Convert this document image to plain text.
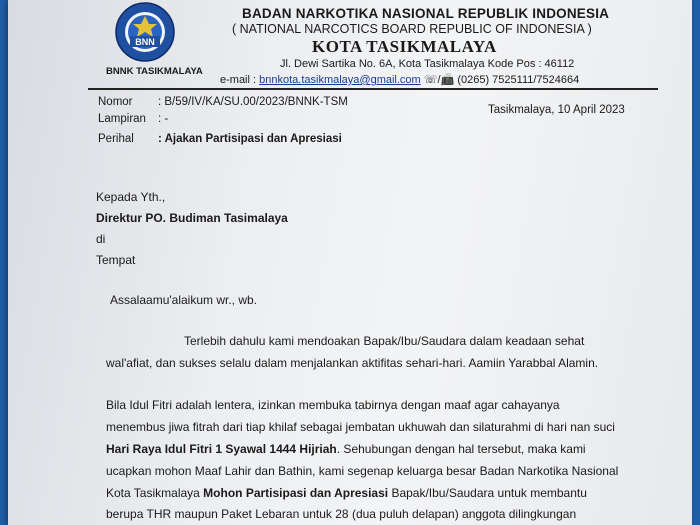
BNN
BNNK TASIKMALAYA
BADAN NARKOTIKA NASIONAL REPUBLIK INDONESIA
( NATIONAL NARCOTICS BOARD REPUBLIC OF INDONESIA )
KOTA TASIKMALAYA
Jl. Dewi Sartika No. 6A, Kota Tasikmalaya Kode Pos : 46112
e-mail : bnnkota.tasikmalaya@gmail.com ☏/📠 (0265) 7525111/7524664
Nomor : B/59/IV/KA/SU.00/2023/BNNK-TSM
Tasikmalaya, 10 April 2023
Lampiran : -
Perihal : Ajakan Partisipasi dan Apresiasi
Kepada Yth.,
Direktur PO. Budiman Tasimalaya
di
Tempat
Assalaamu'alaikum wr., wb.
Terlebih dahulu kami mendoakan Bapak/Ibu/Saudara dalam keadaan sehat
wal'afiat, dan sukses selalu dalam menjalankan aktifitas sehari-hari. Aamiin Yarabbal Alamin.
Bila Idul Fitri adalah lentera, izinkan membuka tabirnya dengan maaf agar cahayanya
menembus jiwa fitrah dari tiap khilaf sebagai jembatan ukhuwah dan silaturahmi di hari nan suci
Hari Raya Idul Fitri 1 Syawal 1444 Hijriah. Sehubungan dengan hal tersebut, maka kami
ucapkan mohon Maaf Lahir dan Bathin, kami segenap keluarga besar Badan Narkotika Nasional
Kota Tasikmalaya Mohon Partisipasi dan Apresiasi Bapak/Ibu/Saudara untuk membantu
berupa THR maupun Paket Lebaran untuk 28 (dua puluh delapan) anggota dilingkungan
